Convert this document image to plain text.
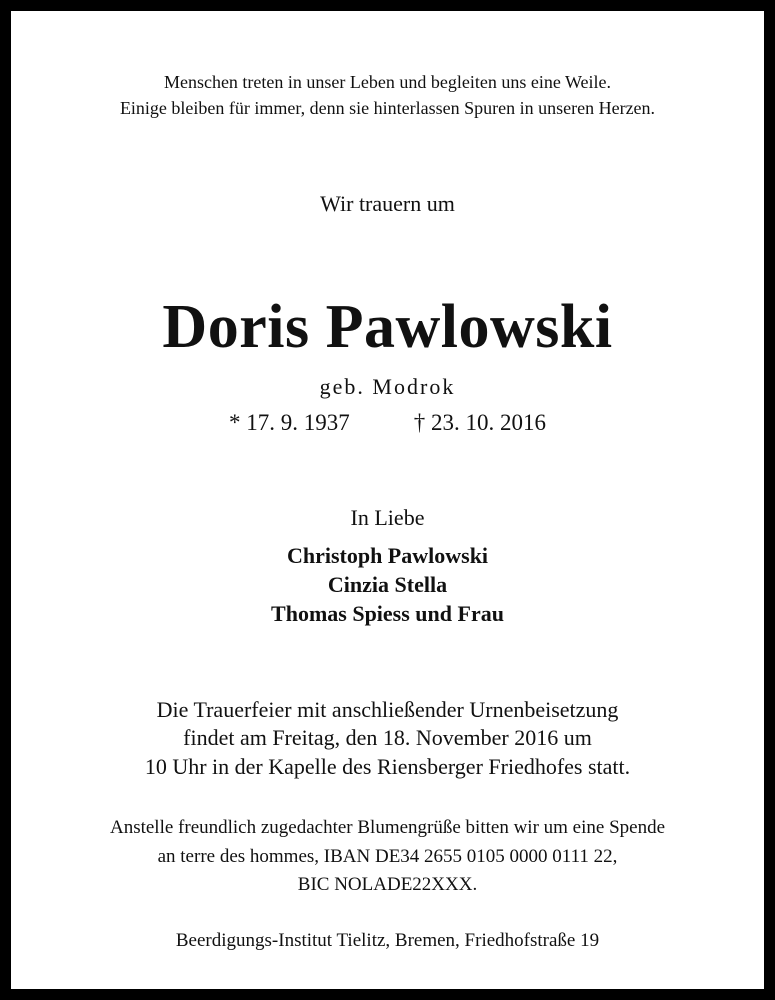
Menschen treten in unser Leben und begleiten uns eine Weile.

Einige bleiben für immer, denn sie hinterlassen Spuren in unseren Herzen.

Wir trauern um

Doris Pawlowski

geb. Modrok

* 17. 9. 1937	† 23. 10. 2016

In Liebe

Christoph Pawlowski

Cinzia Stella

Thomas Spiess und Frau

Die Trauerfeier mit anschließender Urnenbeisetzung

findet am Freitag, den 18. November 2016 um

10 Uhr in der Kapelle des Riensberger Friedhofes statt.

Anstelle freundlich zugedachter Blumengrüße bitten wir um eine Spende

an terre des hommes, IBAN DE34 2655 0105 0000 0111 22,

BIC NOLADE22XXX.

Beerdigungs-Institut Tielitz, Bremen, Friedhofstraße 19
